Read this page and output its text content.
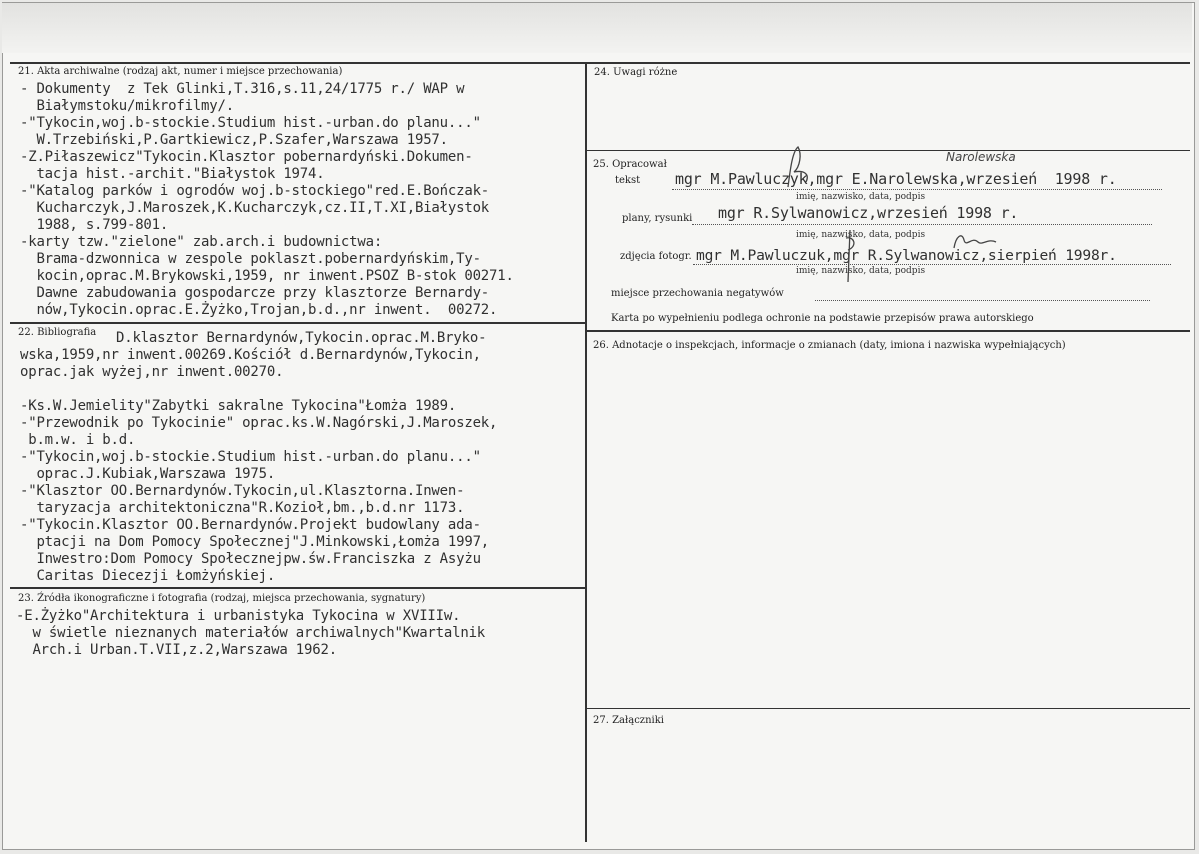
21. Akta archiwalne (rodzaj akt, numer i miejsce przechowania)
- Dokumenty  z Tek Glinki,T.316,s.11,24/1775 r./ WAP w
Białymstoku/mikrofilmy/.
-"Tykocin,woj.b-stockie.Studium hist.-urban.do planu..."
W.Trzebiński,P.Gartkiewicz,P.Szafer,Warszawa 1957.
-Z.Piłaszewicz"Tykocin.Klasztor pobernardyński.Dokumen-
tacja hist.-archit."Białystok 1974.
-"Katalog parków i ogrodów woj.b-stockiego"red.E.Bończak-
Kucharczyk,J.Maroszek,K.Kucharczyk,cz.II,T.XI,Białystok
1988, s.799-801.
-karty tzw."zielone" zab.arch.i budownictwa:
Brama-dzwonnica w zespole poklaszt.pobernardyńskim,Ty-
kocin,oprac.M.Brykowski,1959, nr inwent.PSOZ B-stok 00271.
Dawne zabudowania gospodarcze przy klasztorze Bernardy-
nów,Tykocin.oprac.E.Żyżko,Trojan,b.d.,nr inwent.  00272.
22. Bibliografia	D.klasztor Bernardynów,Tykocin.oprac.M.Bryko-
wska,1959,nr inwent.00269.Kościół d.Bernardynów,Tykocin,
oprac.jak wyżej,nr inwent.00270.
-Ks.W.Jemielity"Zabytki sakralne Tykocina"Łomża 1989.
-"Przewodnik po Tykocinie" oprac.ks.W.Nagórski,J.Maroszek,
b.m.w. i b.d.
-"Tykocin,woj.b-stockie.Studium hist.-urban.do planu..."
oprac.J.Kubiak,Warszawa 1975.
-"Klasztor OO.Bernardynów.Tykocin,ul.Klasztorna.Inwen-
taryzacja architektoniczna"R.Kozioł,bm.,b.d.nr 1173.
-"Tykocin.Klasztor OO.Bernardynów.Projekt budowlany ada-
ptacji na Dom Pomocy Społecznej"J.Minkowski,Łomża 1997,
Inwestro:Dom Pomocy Społecznejpw.św.Franciszka z Asyżu
Caritas Diecezji Łomżyńskiej.
23. Źródła ikonograficzne i fotografia (rodzaj, miejsca przechowania, sygnatury)
-E.Żyżko"Architektura i urbanistyka Tykocina w XVIIIw.
w świetle nieznanych materiałów archiwalnych"Kwartalnik
Arch.i Urban.T.VII,z.2,Warszawa 1962.
24. Uwagi różne
25. Opracował
tekst mgr M.Pawluczyk,mgr E.Narolewska,wrzesień  1998 r.
imię, nazwisko, data, podpis
plany, rysunki mgr R.Sylwanowicz,wrzesień 1998 r.
imię, nazwisko, data, podpis
zdjęcia fotogr. mgr M.Pawluczuk,mgr R.Sylwanowicz,sierpień 1998r.
imię, nazwisko, data, podpis
miejsce przechowania negatywów
Karta po wypełnieniu podlega ochronie na podstawie przepisów prawa autorskiego
Narolewska
26. Adnotacje o inspekcjach, informacje o zmianach (daty, imiona i nazwiska wypełniających)
27. Załączniki
